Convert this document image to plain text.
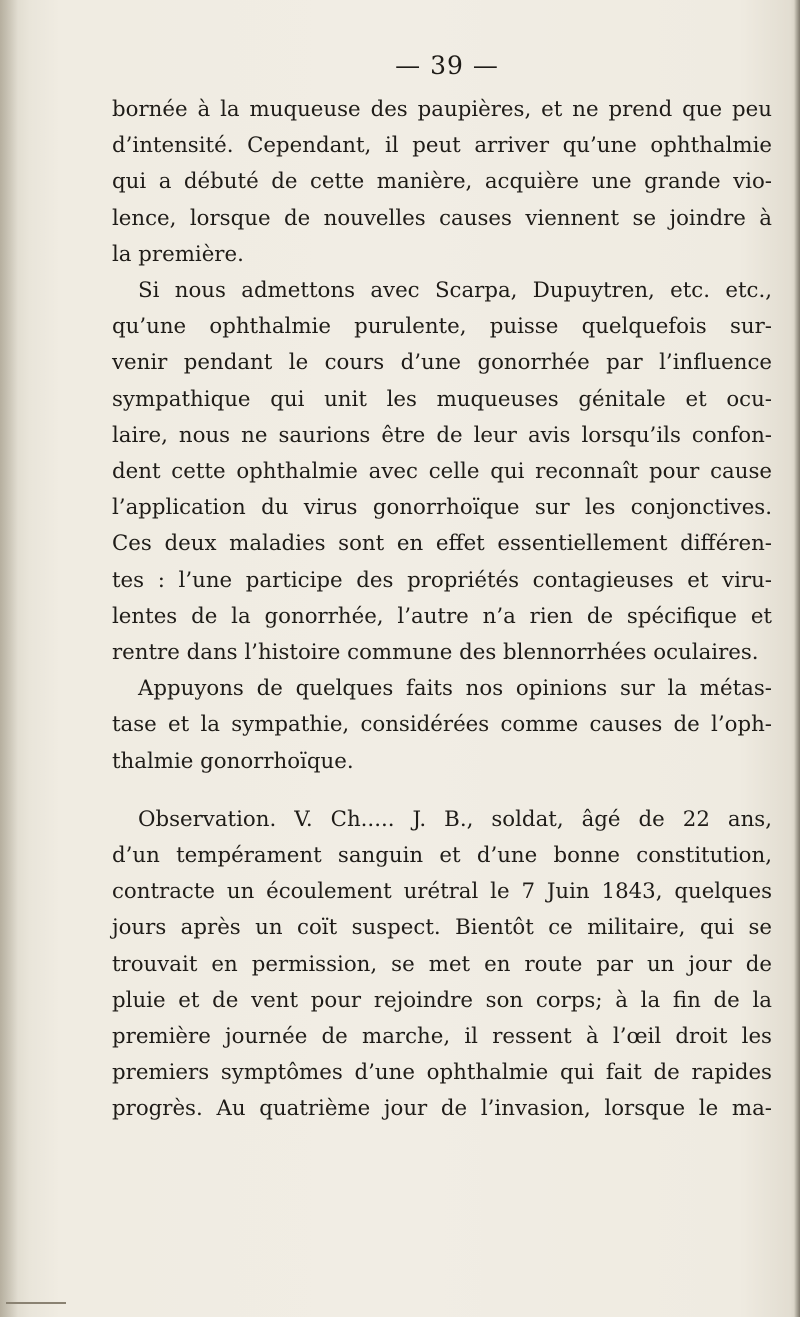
— 39 —

bornée à la muqueuse des paupières, et ne prend que peu
d’intensité. Cependant, il peut arriver qu’une ophthalmie
qui a débuté de cette manière, acquière une grande vio-
lence, lorsque de nouvelles causes viennent se joindre à
la première.

Si nous admettons avec Scarpa, Dupuytren, etc. etc.,
qu’une ophthalmie purulente, puisse quelquefois sur-
venir pendant le cours d’une gonorrhée par l’influence
sympathique qui unit les muqueuses génitale et ocu-
laire, nous ne saurions être de leur avis lorsqu’ils confon-
dent cette ophthalmie avec celle qui reconnaît pour cause
l’application du virus gonorrhoïque sur les conjonctives.
Ces deux maladies sont en effet essentiellement différen-
tes : l’une participe des propriétés contagieuses et viru-
lentes de la gonorrhée, l’autre n’a rien de spécifique et
rentre dans l’histoire commune des blennorrhées oculaires.

Appuyons de quelques faits nos opinions sur la métas-
tase et la sympathie, considérées comme causes de l’oph-
thalmie gonorrhoïque.

Observation. V. Ch..... J. B., soldat, âgé de 22 ans,
d’un tempérament sanguin et d’une bonne constitution,
contracte un écoulement urétral le 7 Juin 1843, quelques
jours après un coït suspect. Bientôt ce militaire, qui se
trouvait en permission, se met en route par un jour de
pluie et de vent pour rejoindre son corps; à la fin de la
première journée de marche, il ressent à l’œil droit les
premiers symptômes d’une ophthalmie qui fait de rapides
progrès. Au quatrième jour de l’invasion, lorsque le ma-
